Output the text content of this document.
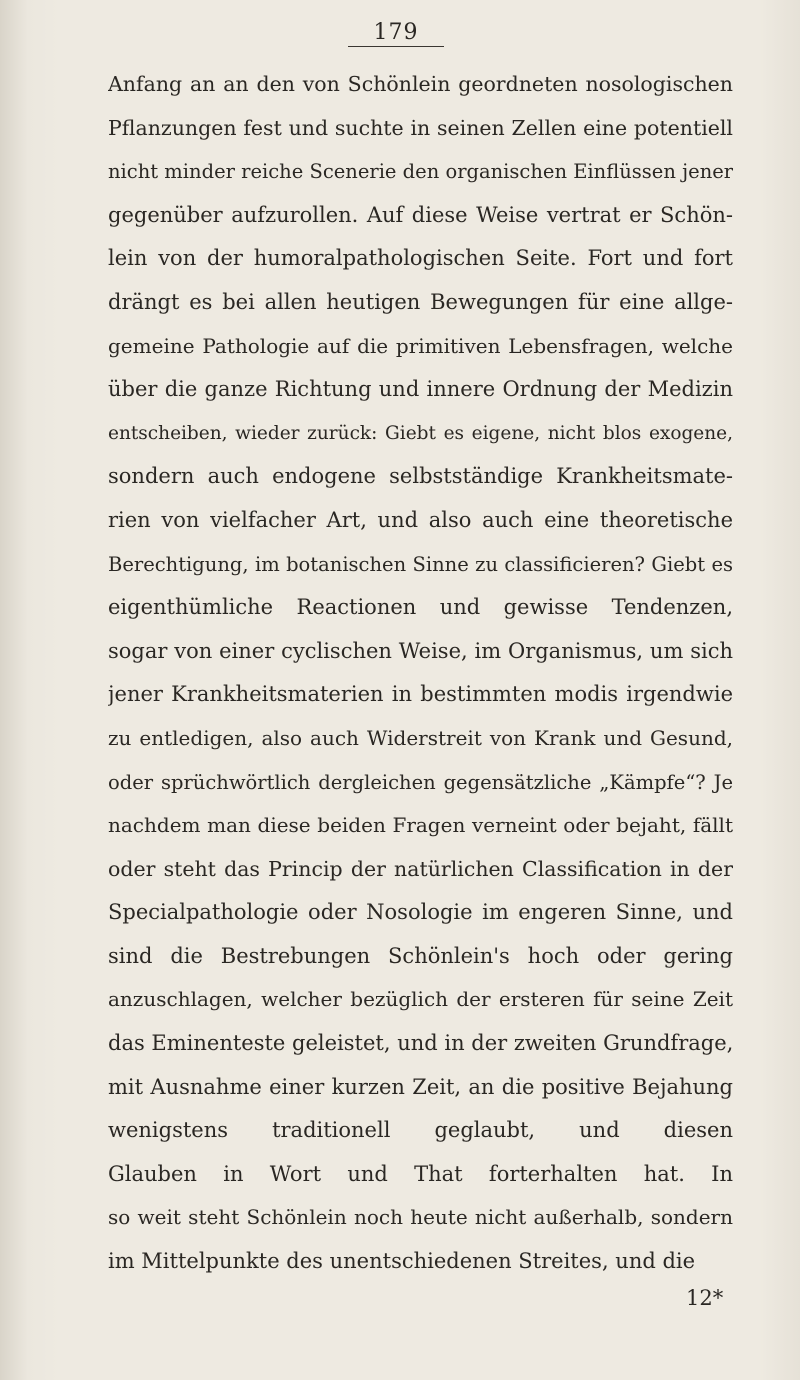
179
Anfang an an den von Schönlein geordneten nosologischen
Pflanzungen fest und suchte in seinen Zellen eine potentiell
nicht minder reiche Scenerie den organischen Einflüssen jener
gegenüber aufzurollen. Auf diese Weise vertrat er Schön-
lein von der humoralpathologischen Seite. Fort und fort
drängt es bei allen heutigen Bewegungen für eine allge-
gemeine Pathologie auf die primitiven Lebensfragen, welche
über die ganze Richtung und innere Ordnung der Medizin
entscheiben, wieder zurück: Giebt es eigene, nicht blos exogene,
sondern auch endogene selbstständige Krankheitsmate-
rien von vielfacher Art, und also auch eine theoretische
Berechtigung, im botanischen Sinne zu classificieren? Giebt es
eigenthümliche Reactionen und gewisse Tendenzen,
sogar von einer cyclischen Weise, im Organismus, um sich
jener Krankheitsmaterien in bestimmten modis irgendwie
zu entledigen, also auch Widerstreit von Krank und Gesund,
oder sprüchwörtlich dergleichen gegensätzliche „Kämpfe“? Je
nachdem man diese beiden Fragen verneint oder bejaht, fällt
oder steht das Princip der natürlichen Classification in der
Specialpathologie oder Nosologie im engeren Sinne, und
sind die Bestrebungen Schönlein's hoch oder gering
anzuschlagen, welcher bezüglich der ersteren für seine Zeit
das Eminenteste geleistet, und in der zweiten Grundfrage,
mit Ausnahme einer kurzen Zeit, an die positive Bejahung
wenigstens traditionell geglaubt, und diesen
Glauben in Wort und That forterhalten hat. In
so weit steht Schönlein noch heute nicht außerhalb, sondern
im Mittelpunkte des unentschiedenen Streites, und die
12*
